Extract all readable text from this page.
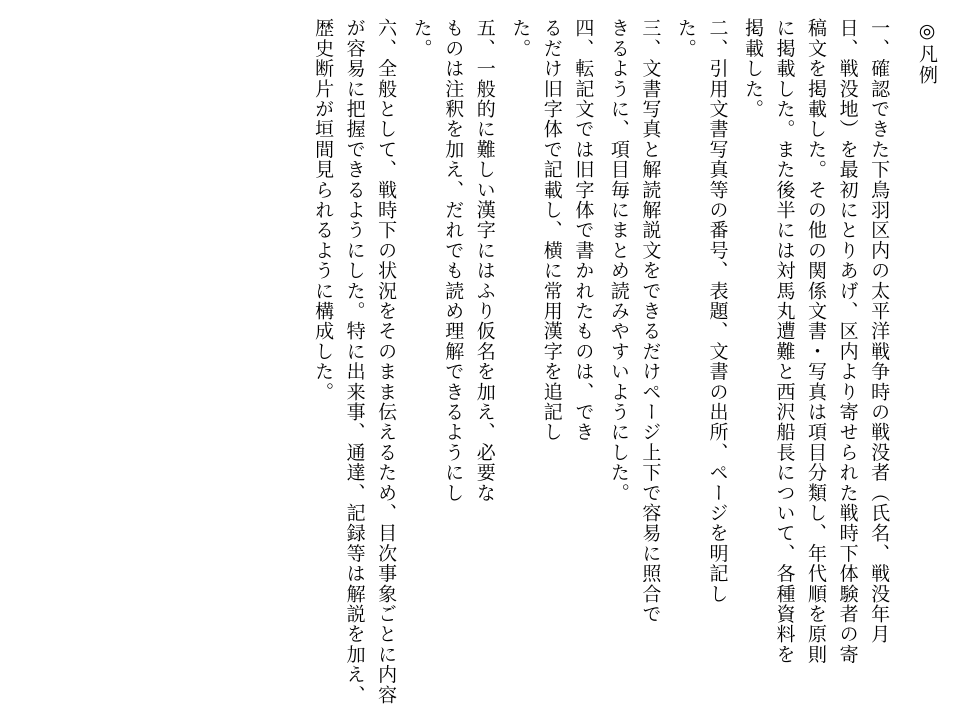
◎凡例
一、確認できた下鳥羽区内の太平洋戦争時の戦没者（氏名、戦没年月日、戦没地）を最初にとりあげ、区内より寄せられた戦時下体験者の寄稿文を掲載した。その他の関係文書・写真は項目分類し、年代順を原則に掲載した。また後半には対馬丸遭難と西沢船長について、各種資料を掲載した。
二、引用文書写真等の番号、表題、文書の出所、ページを明記した。
三、文書写真と解読解説文をできるだけページ上下で容易に照合できるように、項目毎にまとめ読みやすいようにした。
四、転記文では旧字体で書かれたものは、できるだけ旧字体で記載し、横に常用漢字を追記した。
五、一般的に難しい漢字にはふり仮名を加え、必要なものは注釈を加え、だれでも読め理解できるようにした。
六、全般として、戦時下の状況をそのまま伝えるため、目次事象ごとに内容が容易に把握できるようにした。特に出来事、通達、記録等は解説を加え、歴史断片が垣間見られるように構成した。
